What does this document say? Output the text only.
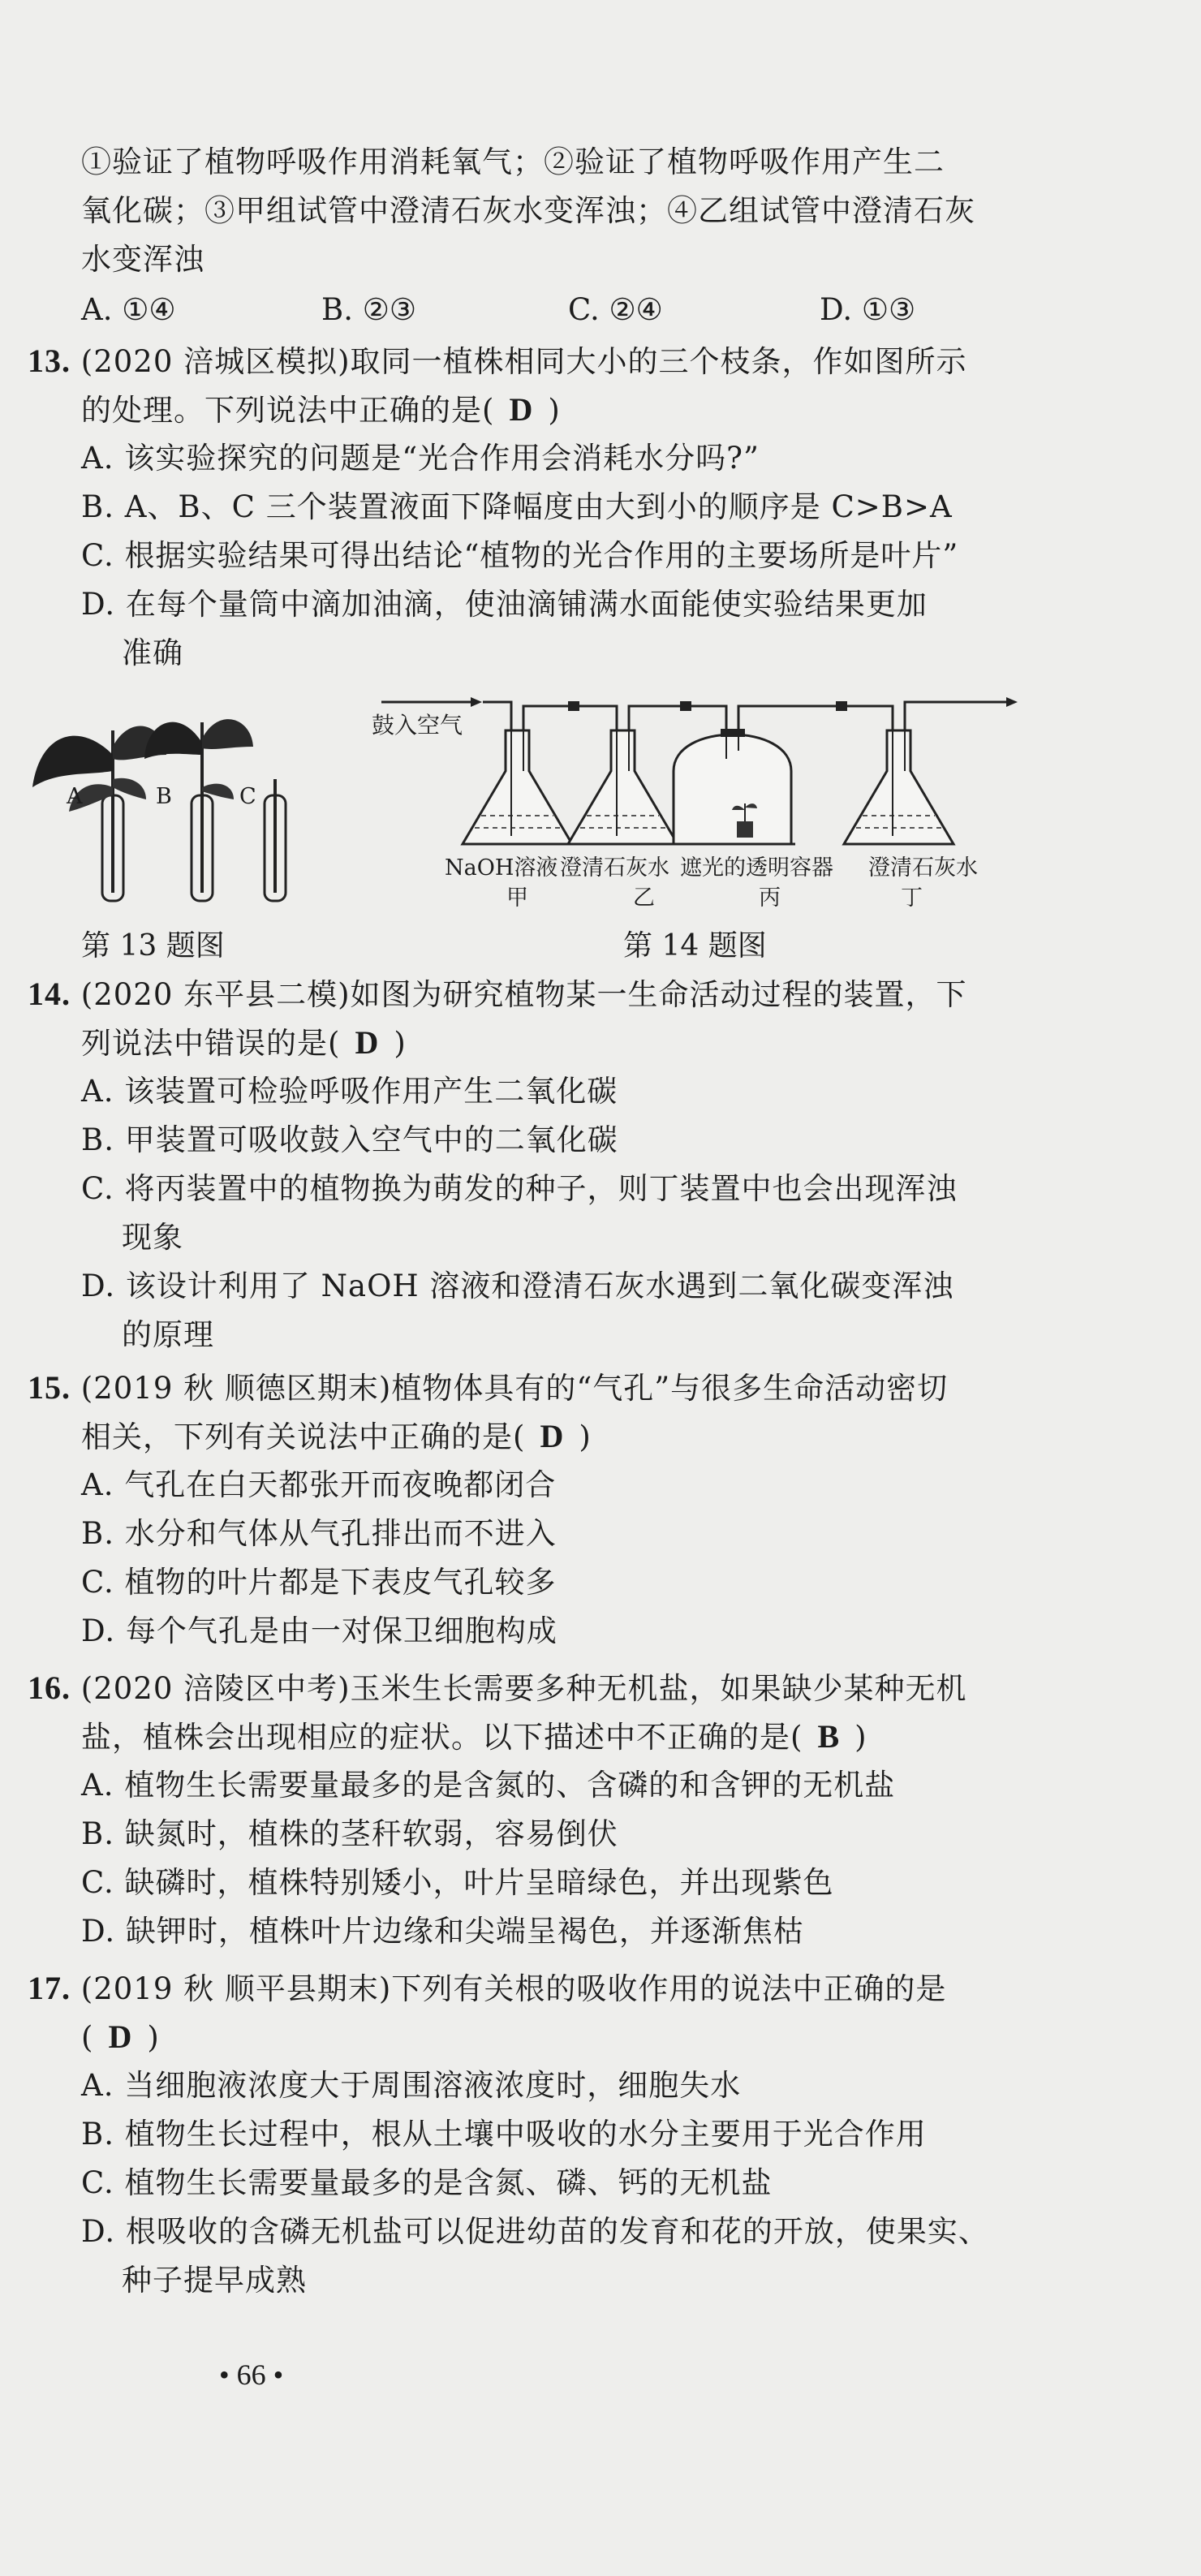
①验证了植物呼吸作用消耗氧气；②验证了植物呼吸作用产生二
氧化碳；③甲组试管中澄清石灰水变浑浊；④乙组试管中澄清石灰
水变浑浊
A. ①④	B. ②③	C. ②④	D. ①③
13. (2020 涪城区模拟)取同一植株相同大小的三个枝条，作如图所示
的处理。下列说法中正确的是( D )
A. 该实验探究的问题是“光合作用会消耗水分吗?”
B. A、B、C 三个装置液面下降幅度由大到小的顺序是 C>B>A
C. 根据实验结果可得出结论“植物的光合作用的主要场所是叶片”
D. 在每个量筒中滴加油滴，使油滴铺满水面能使实验结果更加
准确
A	B	C
第 13 题图
鼓入空气
NaOH溶液 澄清石灰水 遮光的透明容器 澄清石灰水
甲	乙	丙	丁
第 14 题图
14. (2020 东平县二模)如图为研究植物某一生命活动过程的装置，下
列说法中错误的是( D )
A. 该装置可检验呼吸作用产生二氧化碳
B. 甲装置可吸收鼓入空气中的二氧化碳
C. 将丙装置中的植物换为萌发的种子，则丁装置中也会出现浑浊
现象
D. 该设计利用了 NaOH 溶液和澄清石灰水遇到二氧化碳变浑浊
的原理
15. (2019 秋 顺德区期末)植物体具有的“气孔”与很多生命活动密切
相关，下列有关说法中正确的是( D )
A. 气孔在白天都张开而夜晚都闭合
B. 水分和气体从气孔排出而不进入
C. 植物的叶片都是下表皮气孔较多
D. 每个气孔是由一对保卫细胞构成
16. (2020 涪陵区中考)玉米生长需要多种无机盐，如果缺少某种无机
盐，植株会出现相应的症状。以下描述中不正确的是( B )
A. 植物生长需要量最多的是含氮的、含磷的和含钾的无机盐
B. 缺氮时，植株的茎秆软弱，容易倒伏
C. 缺磷时，植株特别矮小，叶片呈暗绿色，并出现紫色
D. 缺钾时，植株叶片边缘和尖端呈褐色，并逐渐焦枯
17. (2019 秋 顺平县期末)下列有关根的吸收作用的说法中正确的是
( D )
A. 当细胞液浓度大于周围溶液浓度时，细胞失水
B. 植物生长过程中，根从土壤中吸收的水分主要用于光合作用
C. 植物生长需要量最多的是含氮、磷、钙的无机盐
D. 根吸收的含磷无机盐可以促进幼苗的发育和花的开放，使果实、
种子提早成熟
• 66 •
